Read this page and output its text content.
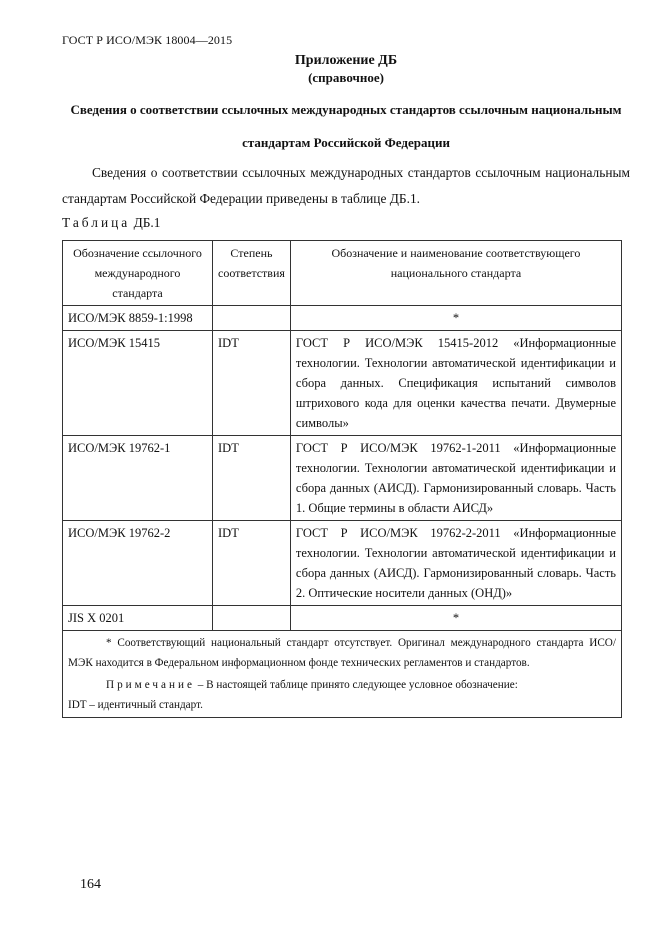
ГОСТ Р ИСО/МЭК 18004—2015
Приложение ДБ
(справочное)
Сведения о соответствии ссылочных международных стандартов ссылочным национальным стандартам Российской Федерации
Сведения о соответствии ссылочных международных стандартов ссылочным национальным стандартам Российской Федерации приведены в таблице ДБ.1.
Таблица ДБ.1
Обозначение ссылочного международного стандарта	Степень соответствия	Обозначение и наименование соответствующего национального стандарта
ИСО/МЭК 8859-1:1998		*
ИСО/МЭК 15415	IDT	ГОСТ Р ИСО/МЭК 15415-2012 «Информационные технологии. Технологии автоматической идентификации и сбора данных. Спецификация испытаний символов штрихового кода для оценки качества печати. Двумерные символы»
ИСО/МЭК 19762-1	IDT	ГОСТ Р ИСО/МЭК 19762-1-2011 «Информационные технологии. Технологии автоматической идентификации и сбора данных (АИСД). Гармонизированный словарь. Часть 1. Общие термины в области АИСД»
ИСО/МЭК 19762-2	IDT	ГОСТ Р ИСО/МЭК 19762-2-2011 «Информационные технологии. Технологии автоматической идентификации и сбора данных (АИСД). Гармонизированный словарь. Часть 2. Оптические носители данных (ОНД)»
JIS X 0201		*

* Соответствующий национальный стандарт отсутствует. Оригинал международного стандарта ИСО/МЭК находится в Федеральном информационном фонде технических регламентов и стандартов.

Примечание – В настоящей таблице принято следующее условное обозначение:

IDT – идентичный стандарт.		
164
